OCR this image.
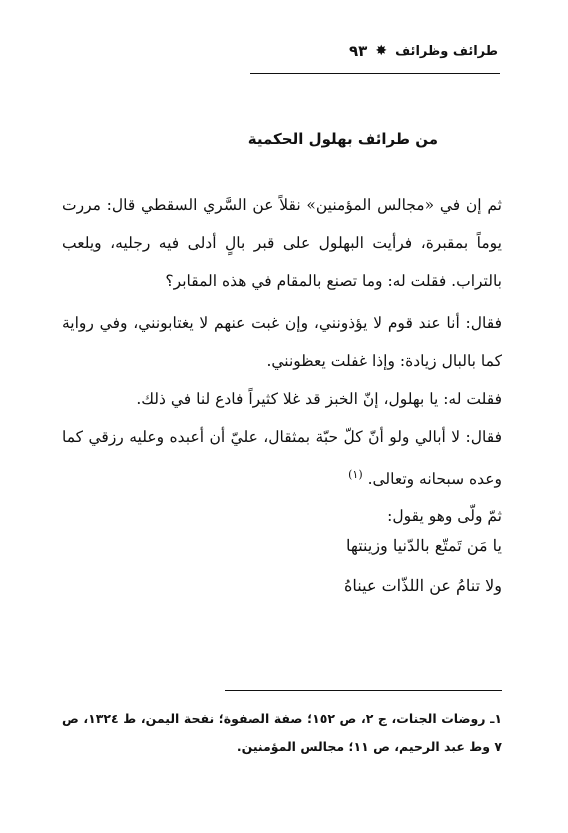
طرائف وظرائف
✸
٩٣
من طرائف بهلول الحكمية
ثم إن في «مجالس المؤمنين» نقلاً عن السَّري السقطي قال: مررت يوماً بمقبرة، فرأيت البهلول على قبر بالٍ أدلى فيه رجليه، ويلعب بالتراب. فقلت له: وما تصنع بالمقام في هذه المقابر؟
فقال: أنا عند قوم لا يؤذونني، وإن غبت عنهم لا يغتابونني، وفي رواية كما بالبال زيادة: وإذا غفلت يعظونني.
فقلت له: يا بهلول، إنّ الخبز قد غلا كثيراً فادع لنا في ذلك.
فقال: لا أبالي ولو أنّ كلّ حبّة بمثقال، عليّ أن أعبده وعليه رزقي كما وعده سبحانه وتعالى. $^{(١)}$
ثمّ ولّى وهو يقول:
يا مَن تَمتّع بالدّنيا وزينتها
ولا تنامُ عن اللذّات عيناهُ
١ـ روضات الجنات، ج ٢، ص ١٥٢؛ صفة الصفوة؛ نفحة اليمن، ط ١٣٢٤، ص ٧ وط عبد الرحيم، ص ١١؛ مجالس المؤمنين.
